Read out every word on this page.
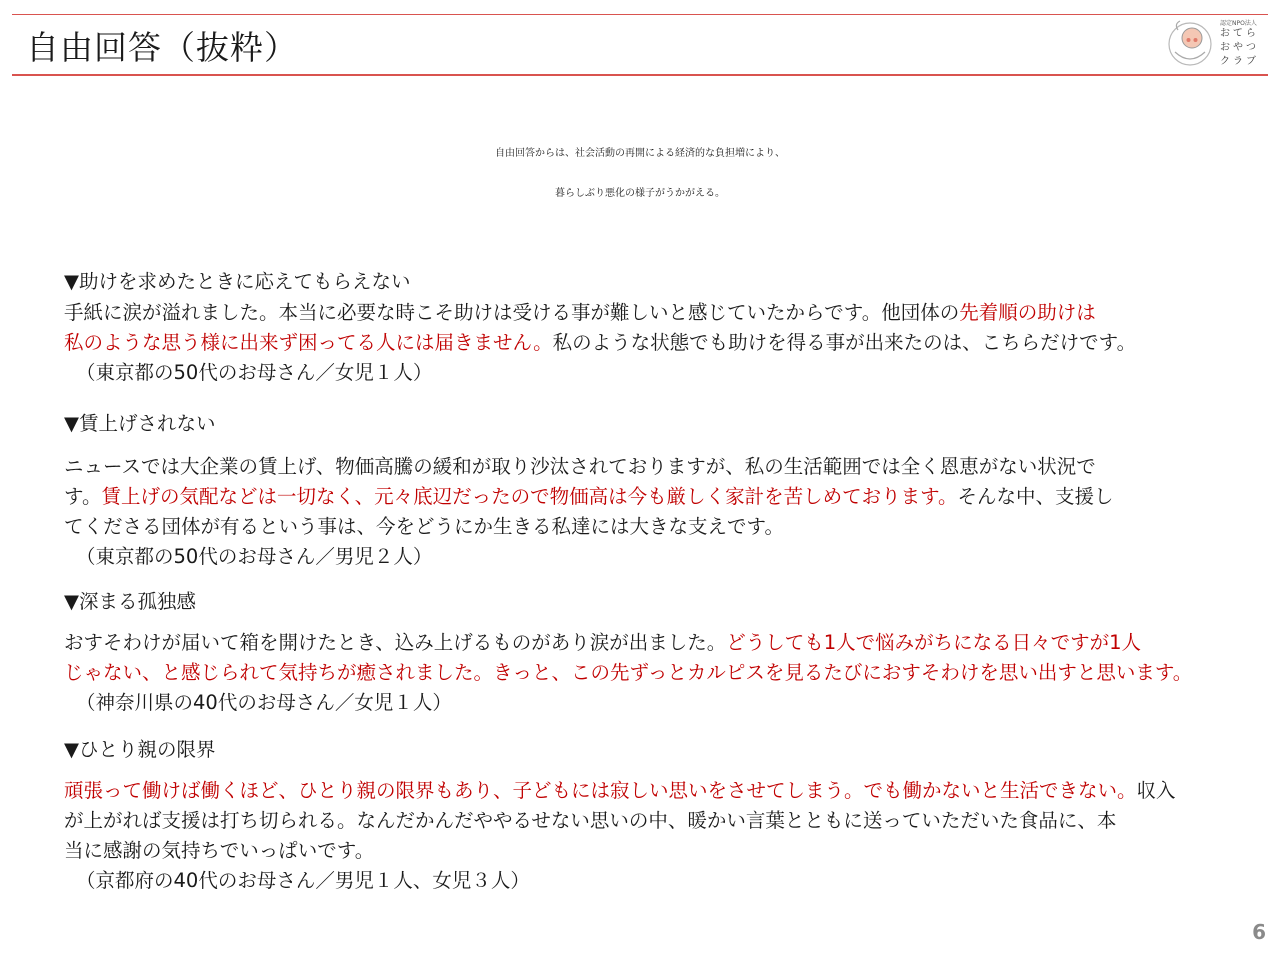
自由回答（抜粋）
認定NPO法人
おてら
おやつ
クラブ
自由回答からは、社会活動の再開による経済的な負担増により、
暮らしぶり悪化の様子がうかがえる。
▼助けを求めたときに応えてもらえない
手紙に涙が溢れました。本当に必要な時こそ助けは受ける事が難しいと感じていたからです。他団体の先着順の助けは
私のような思う様に出来ず困ってる人には届きません。私のような状態でも助けを得る事が出来たのは、こちらだけです。
（東京都の50代のお母さん／女児１人）
▼賃上げされない
ニュースでは大企業の賃上げ、物価高騰の緩和が取り沙汰されておりますが、私の生活範囲では全く恩恵がない状況で
す。賃上げの気配などは一切なく、元々底辺だったので物価高は今も厳しく家計を苦しめております。そんな中、支援し
てくださる団体が有るという事は、今をどうにか生きる私達には大きな支えです。
（東京都の50代のお母さん／男児２人）
▼深まる孤独感
おすそわけが届いて箱を開けたとき、込み上げるものがあり涙が出ました。どうしても1人で悩みがちになる日々ですが1人
じゃない、と感じられて気持ちが癒されました。きっと、この先ずっとカルピスを見るたびにおすそわけを思い出すと思います。
（神奈川県の40代のお母さん／女児１人）
▼ひとり親の限界
頑張って働けば働くほど、ひとり親の限界もあり、子どもには寂しい思いをさせてしまう。でも働かないと生活できない。収入
が上がれば支援は打ち切られる。なんだかんだややるせない思いの中、暖かい言葉とともに送っていただいた食品に、本
当に感謝の気持ちでいっぱいです。
（京都府の40代のお母さん／男児１人、女児３人）
6
